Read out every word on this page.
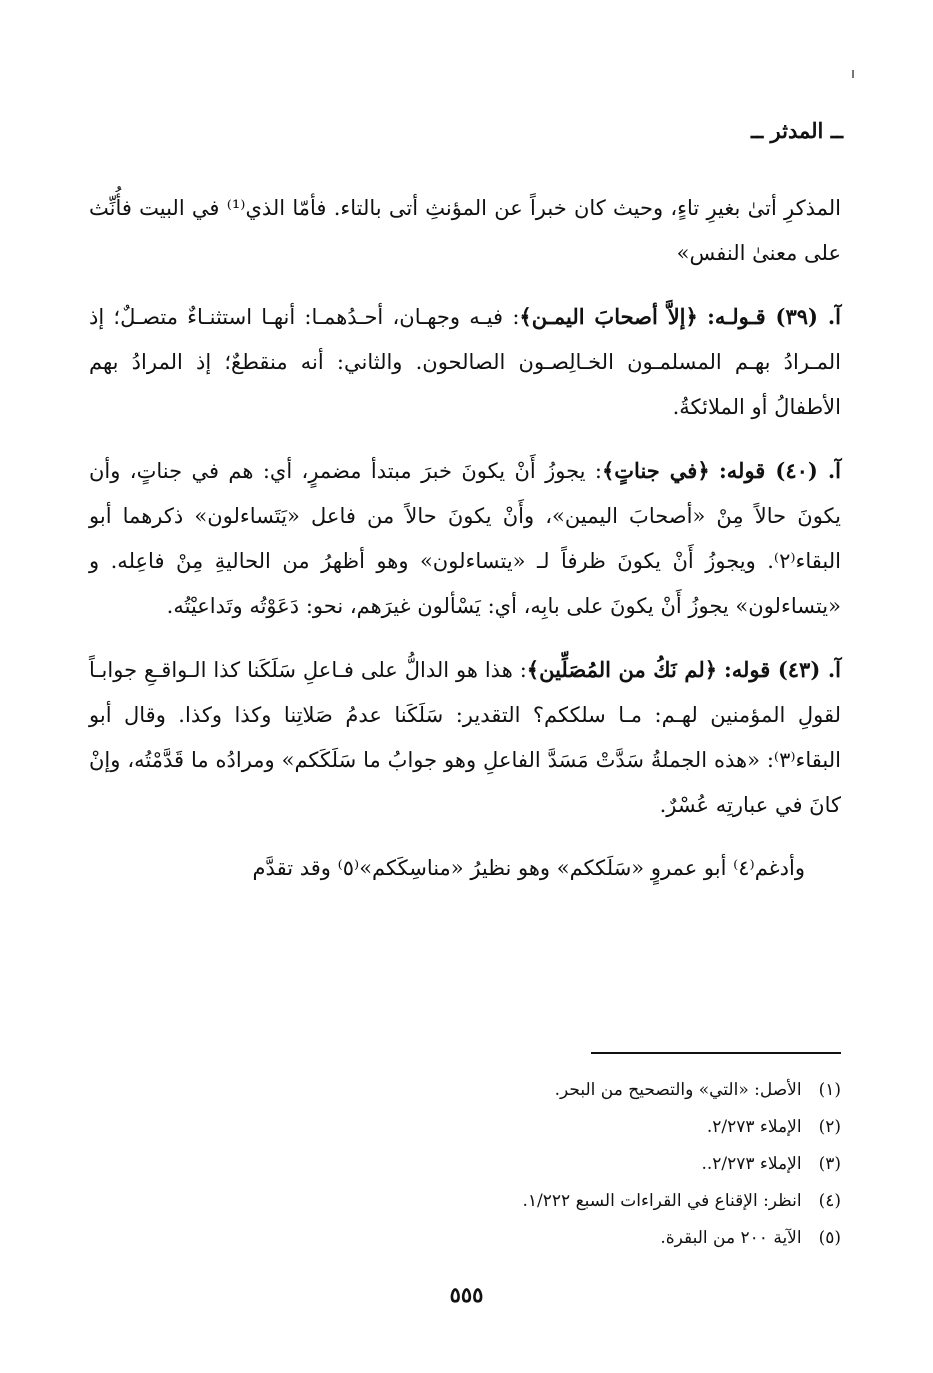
ــ المدثر ــ

المذكرِ أتىٰ بغيرِ تاءٍ، وحيث كان خبراً عن المؤنثِ أتى بالتاء. فأمّا الذي⁽¹⁾ في البيت فأُنِّث على معنىٰ النفس»

آ. (٣٩) قـولـه: ﴿إلاَّ أصحابَ اليمـن﴾: فيـه وجهـان، أحـدُهمـا: أنهـا استثنـاءٌ متصـلٌ؛ إذ المـرادُ بهـم المسلمـون الخـالِصـون الصالحون. والثاني: أنه منقطعٌ؛ إذ المرادُ بهم الأطفالُ أو الملائكةُ.

آ. (٤٠) قوله: ﴿في جناتٍ﴾: يجوزُ أَنْ يكونَ خبرَ مبتدأ مضمرٍ، أي: هم في جناتٍ، وأن يكونَ حالاً مِنْ «أصحابَ اليمين»، وأَنْ يكونَ حالاً من فاعل «يَتَساءلون» ذكرهما أبو البقاء⁽٢⁾. ويجوزُ أَنْ يكونَ ظرفاً لـ «يتساءلون» وهو أظهرُ من الحاليةِ مِنْ فاعِله. و «يتساءلون» يجوزُ أَنْ يكونَ على بابِه، أي: يَسْألون غيرَهم، نحو: دَعَوْتُه وتَداعيْتُه.

آ. (٤٣) قوله: ﴿لم نَكُ من المُصَلِّين﴾: هذا هو الدالُّ على فـاعلِ سَلَكَنا كذا الـواقـعِ جوابـاً لقولِ المؤمنين لهـم: مـا سلككم؟ التقدير: سَلَكَنا عدمُ صَلاتِنا وكذا وكذا. وقال أبو البقاء⁽٣⁾: «هذه الجملةُ سَدَّتْ مَسَدَّ الفاعلِ وهو جوابُ ما سَلَكَكم» ومرادُه ما قَدَّمْتُه، وإنْ كانَ في عبارتِه عُسْرٌ.

وأدغم⁽٤⁾ أبو عمروٍ «سَلَككم» وهو نظيرُ «مناسِكَكم»⁽٥⁾ وقد تقدَّم

(١) الأصل: «التي» والتصحيح من البحر.

(٢) الإملاء ٢/٢٧٣.

(٣) الإملاء ٢/٢٧٣..

(٤) انظر: الإقناع في القراءات السبع ١/٢٢٢.

(٥) الآية ٢٠٠ من البقرة.

٥٥٥
